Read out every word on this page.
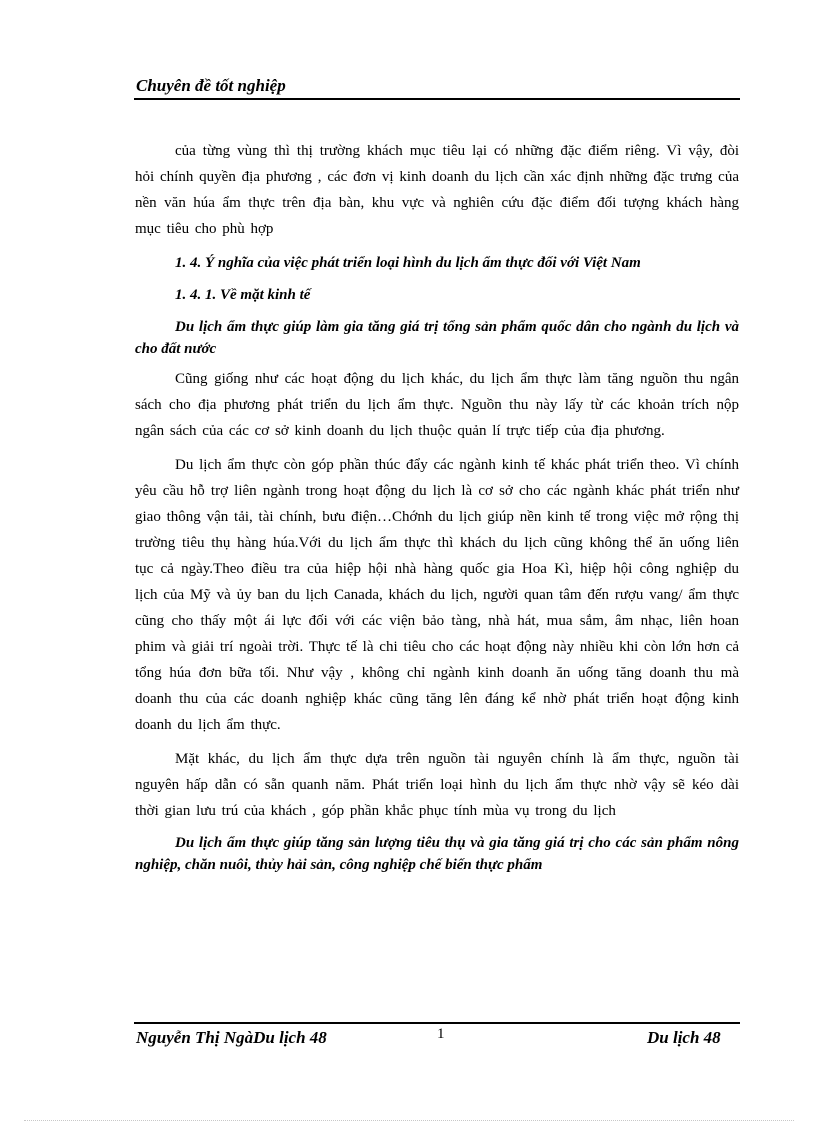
Chuyên đề tốt nghiệp

của từng vùng thì thị trường khách mục tiêu lại có những đặc điểm riêng. Vì vậy, đòi hỏi chính quyền địa phương , các đơn vị kinh doanh du lịch cần xác định những đặc trưng của nền văn húa ẩm thực trên địa bàn, khu vực và nghiên cứu đặc điểm đối tượng khách hàng mục tiêu cho phù hợp

1. 4. Ý nghĩa của việc phát triển loại hình du lịch ẩm thực đối với Việt Nam

1. 4. 1. Về mặt kinh tế

Du lịch ẩm thực giúp làm gia tăng giá trị tổng sản phẩm quốc dân cho ngành du lịch và cho đất nước

Cũng giống như các hoạt động du lịch khác, du lịch ẩm thực làm tăng nguồn thu ngân sách cho địa phương phát triển du lịch ẩm thực. Nguồn thu này lấy từ các khoản trích nộp ngân sách của các cơ sở kinh doanh du lịch thuộc quản lí trực tiếp của địa phương.

Du lịch ẩm thực còn góp phần thúc đẩy các ngành kinh tế khác phát triển theo. Vì chính yêu cầu hỗ trợ liên ngành trong hoạt động du lịch là cơ sở cho các ngành khác phát triển như giao thông vận tải, tài chính, bưu điện…Chớnh du lịch giúp nền kinh tế trong việc mở rộng thị trường tiêu thụ hàng húa.Với du lịch ẩm thực thì khách du lịch cũng không thể ăn uống liên tục cả ngày.Theo điều tra của hiệp hội nhà hàng quốc gia Hoa Kì, hiệp hội công nghiệp du lịch của Mỹ và ủy ban du lịch Canada, khách du lịch, người quan tâm đến rượu vang/ ẩm thực cũng cho thấy một ái lực đối với các viện bảo tàng, nhà hát, mua sắm, âm nhạc, liên hoan phim và giải trí ngoài trời. Thực tế là chi tiêu cho các hoạt động này nhiều khi còn lớn hơn cả tổng húa đơn bữa tối. Như vậy , không chỉ ngành kinh doanh ăn uống tăng doanh thu mà doanh thu của các doanh nghiệp khác cũng tăng lên đáng kể nhờ phát triển hoạt động kinh doanh du lịch ẩm thực.

Mặt khác, du lịch ẩm thực dựa trên nguồn tài nguyên chính là ẩm thực, nguồn tài nguyên hấp dẫn có sẵn quanh năm. Phát triển loại hình du lịch ẩm thực nhờ vậy sẽ kéo dài thời gian lưu trú của khách , góp phần khắc phục tính mùa vụ trong du lịch

Du lịch ẩm thực giúp tăng sản lượng tiêu thụ và gia tăng giá trị cho các sản phẩm nông nghiệp, chăn nuôi, thủy hải sản, công nghiệp chế biến thực phẩm

Nguyễn Thị NgàDu lịch 48	1	Du lịch 48
